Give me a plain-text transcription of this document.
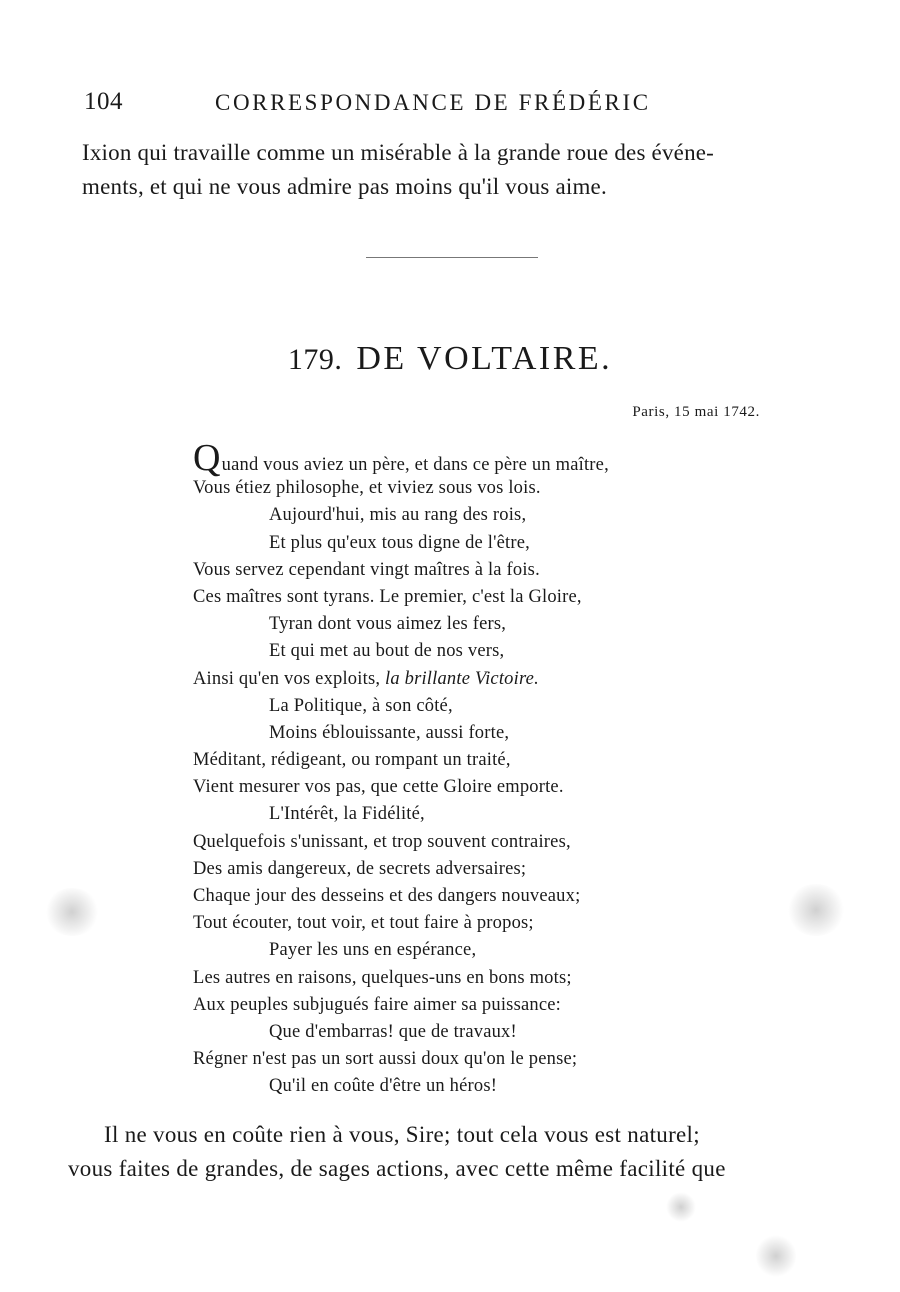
104	CORRESPONDANCE DE FRÉDÉRIC
Ixion qui travaille comme un misérable à la grande roue des événe-
ments, et qui ne vous admire pas moins qu'il vous aime.
179. DE VOLTAIRE.
Paris, 15 mai 1742.
Quand vous aviez un père, et dans ce père un maître,
Vous étiez philosophe, et viviez sous vos lois.
Aujourd'hui, mis au rang des rois,
Et plus qu'eux tous digne de l'être,
Vous servez cependant vingt maîtres à la fois.
Ces maîtres sont tyrans. Le premier, c'est la Gloire,
Tyran dont vous aimez les fers,
Et qui met au bout de nos vers,
Ainsi qu'en vos exploits, la brillante Victoire.
La Politique, à son côté,
Moins éblouissante, aussi forte,
Méditant, rédigeant, ou rompant un traité,
Vient mesurer vos pas, que cette Gloire emporte.
L'Intérêt, la Fidélité,
Quelquefois s'unissant, et trop souvent contraires,
Des amis dangereux, de secrets adversaires;
Chaque jour des desseins et des dangers nouveaux;
Tout écouter, tout voir, et tout faire à propos;
Payer les uns en espérance,
Les autres en raisons, quelques-uns en bons mots;
Aux peuples subjugués faire aimer sa puissance:
Que d'embarras! que de travaux!
Régner n'est pas un sort aussi doux qu'on le pense;
Qu'il en coûte d'être un héros!
Il ne vous en coûte rien à vous, Sire; tout cela vous est naturel;
vous faites de grandes, de sages actions, avec cette même facilité que
